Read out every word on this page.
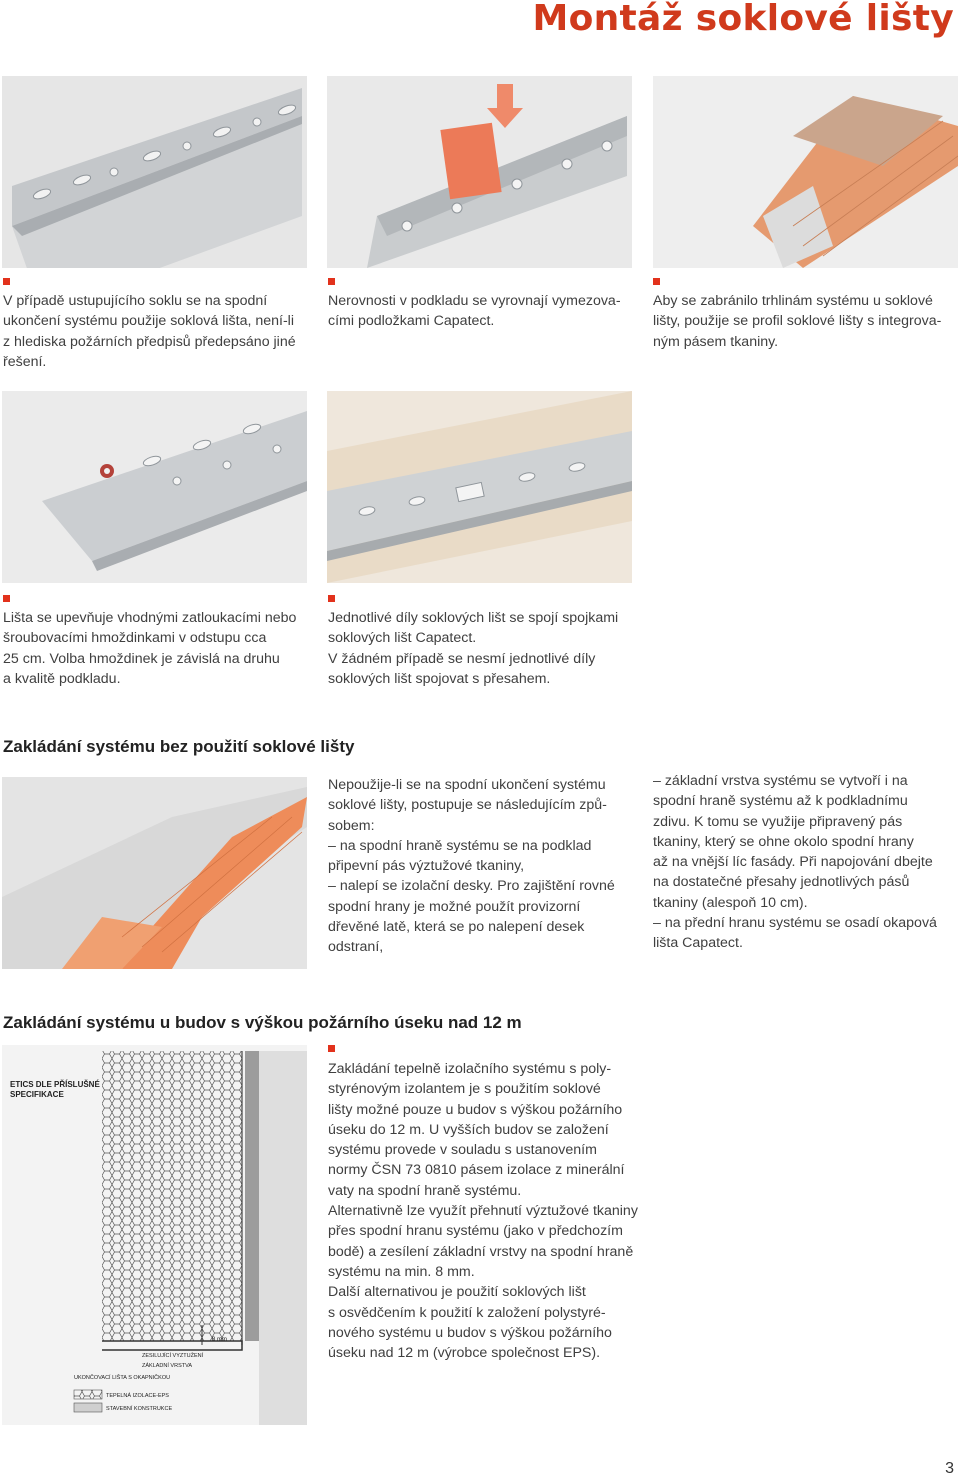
Montáž soklové lišty

V případě ustupujícího soklu se na spodní

ukončení systému použije soklová lišta, není-li

z hlediska požárních předpisů předepsáno jiné

řešení.

Nerovnosti v podkladu se vyrovnají vymezova-

cími podložkami Capatect.

Aby se zabránilo trhlinám systému u soklové

lišty, použije se profil soklové lišty s integrova-

ným pásem tkaniny.

Lišta se upevňuje vhodnými zatloukacími nebo

šroubovacími hmoždinkami v odstupu cca

25 cm. Volba hmoždinek je závislá na druhu

a kvalitě podkladu.

Jednotlivé díly soklových lišt se spojí spojkami

soklových lišt Capatect.

V žádném případě se nesmí jednotlivé díly

soklových lišt spojovat s přesahem.

Zakládání systému bez použití soklové lišty

Nepoužije-li se na spodní ukončení systému

soklové lišty, postupuje se následujícím způ-

sobem:

– na spodní hraně systému se na podklad

připevní pás výztužové tkaniny,

– nalepí se izolační desky. Pro zajištění rovné

spodní hrany je možné použít provizorní

dřevěné latě, která se po nalepení desek

odstraní,

– základní vrstva systému se vytvoří i na

spodní hraně systému až k podkladnímu

zdivu. K tomu se využije připravený pás

tkaniny, který se ohne okolo spodní hrany

až na vnější líc fasády. Při napojování dbejte

na dostatečné přesahy jednotlivých pásů

tkaniny (alespoň 10 cm).

– na přední hranu systému se osadí okapová

lišta Capatect.

Zakládání systému u budov s výškou požárního úseku nad 12 m
8 mm
ETICS DLE PŘÍSLUŠNÉ
SPECIFIKACE
ZESILUJÍCÍ VYZTUŽENÍ
ZÁKLADNÍ VRSTVA
UKONČOVACÍ LIŠTA S OKAPNIČKOU
TEPELNÁ IZOLACE-EPS
STAVEBNÍ KONSTRUKCE

Zakládání tepelně izolačního systému s poly-

styrénovým izolantem je s použitím soklové

lišty možné pouze u budov s výškou požárního

úseku do 12 m. U vyšších budov se založení

systému provede v souladu s ustanovením

normy ČSN 73 0810 pásem izolace z minerální

vaty na spodní hraně systému.

Alternativně lze využít přehnutí výztužové tkaniny

přes spodní hranu systému (jako v předchozím

bodě) a zesílení základní vrstvy na spodní hraně

systému na min. 8 mm.

Další alternativou je použití soklových lišt

s osvědčením k použití k založení polystyré-

nového systému u budov s výškou požárního

úseku nad 12 m (výrobce společnost EPS).

3
